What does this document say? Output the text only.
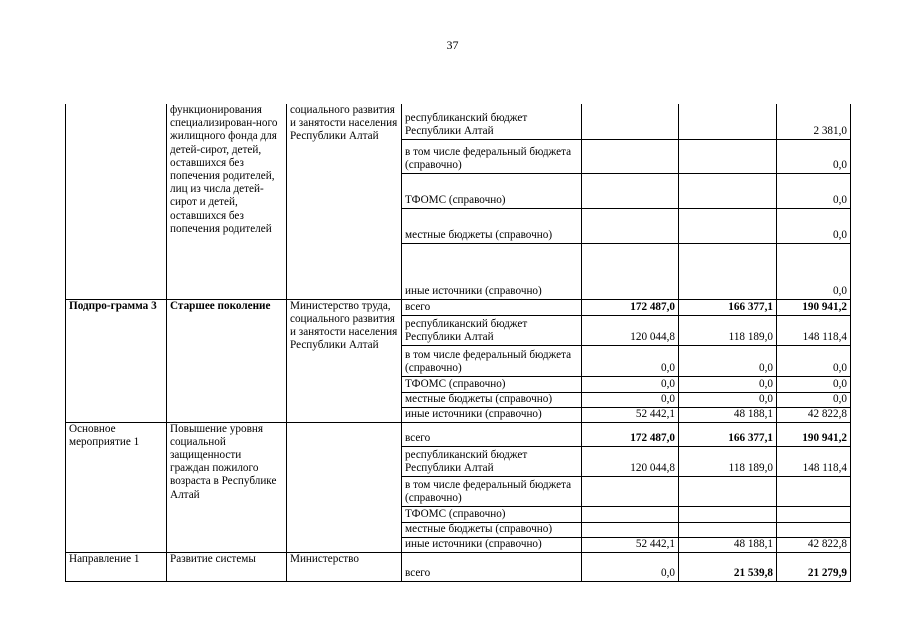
37
	функционирования специализирован-ного жилищного фонда для детей-сирот, детей, оставшихся без попечения родителей, лиц из числа детей-сирот и детей, оставшихся без попечения родителей	социального развития и занятости населения Республики Алтай	республиканский бюджет Республики Алтай			2 381,0
			в том числе федеральный бюджета (справочно)			0,0
			ТФОМС (справочно)			0,0
			местные бюджеты (справочно)			0,0
			иные источники (справочно)			0,0
Подпро-грамма 3	Старшее поколение	Министерство труда, социального развития и занятости населения Республики Алтай	всего	172 487,0	166 377,1	190 941,2
			республиканский бюджет Республики Алтай	120 044,8	118 189,0	148 118,4
			в том числе федеральный бюджета (справочно)	0,0	0,0	0,0
			ТФОМС (справочно)	0,0	0,0	0,0
			местные бюджеты (справочно)	0,0	0,0	0,0
			иные источники (справочно)	52 442,1	48 188,1	42 822,8
Основное мероприятие 1	Повышение уровня социальной защищенности граждан пожилого возраста в Республике Алтай		всего	172 487,0	166 377,1	190 941,2
			республиканский бюджет Республики Алтай	120 044,8	118 189,0	148 118,4
			в том числе федеральный бюджета (справочно)			
			ТФОМС (справочно)			
			местные бюджеты (справочно)			
			иные источники (справочно)	52 442,1	48 188,1	42 822,8
Направление 1	Развитие системы	Министерство	всего	0,0	21 539,8	21 279,9
